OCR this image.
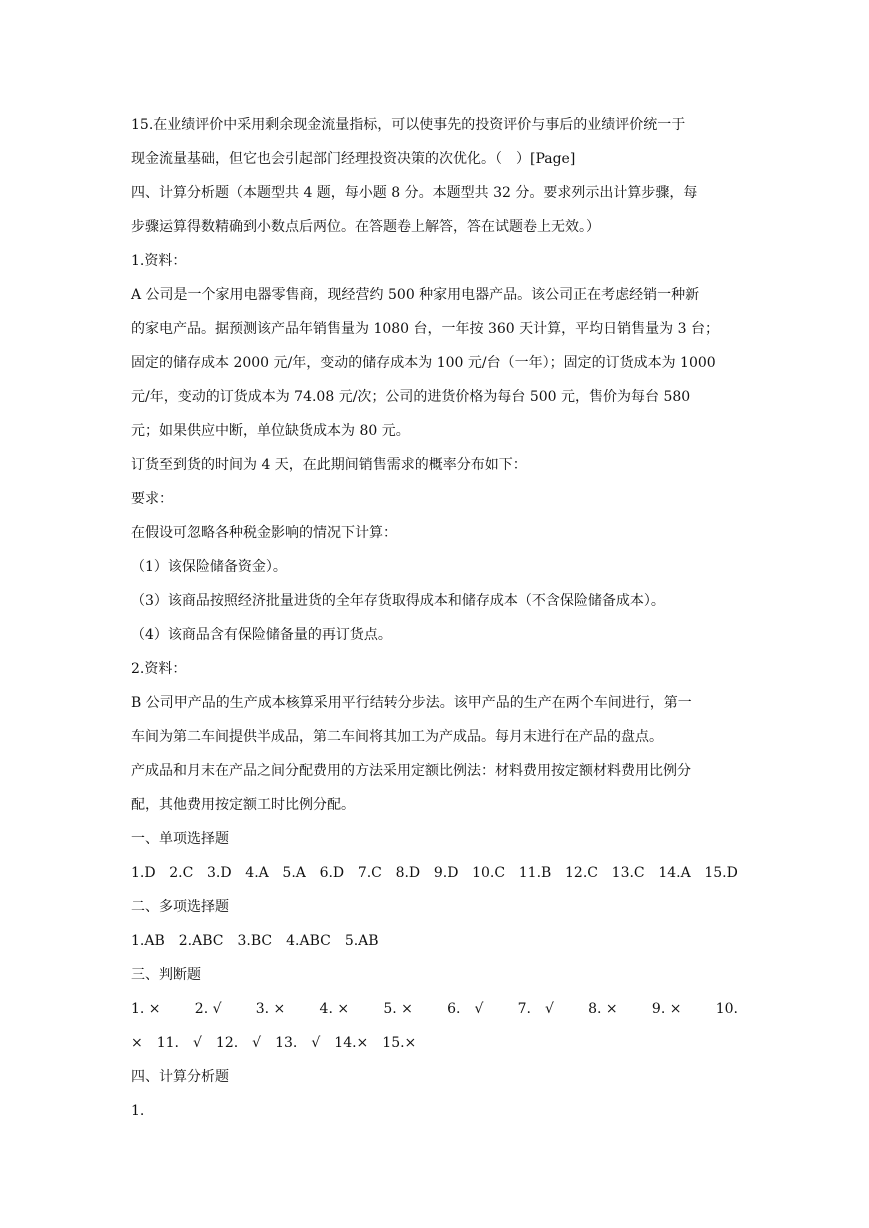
15.在业绩评价中采用剩余现金流量指标，可以使事先的投资评价与事后的业绩评价统一于
现金流量基础，但它也会引起部门经理投资决策的次优化。（　）[Page]
四、计算分析题（本题型共 4 题，每小题 8 分。本题型共 32 分。要求列示出计算步骤，每
步骤运算得数精确到小数点后两位。在答题卷上解答，答在试题卷上无效。）
1.资料：
A 公司是一个家用电器零售商，现经营约 500 种家用电器产品。该公司正在考虑经销一种新
的家电产品。据预测该产品年销售量为 1080 台，一年按 360 天计算，平均日销售量为 3 台；
固定的储存成本 2000 元/年，变动的储存成本为 100 元/台（一年）；固定的订货成本为 1000
元/年，变动的订货成本为 74.08 元/次；公司的进货价格为每台 500 元，售价为每台 580
元；如果供应中断，单位缺货成本为 80 元。
订货至到货的时间为 4 天，在此期间销售需求的概率分布如下：
要求：
在假设可忽略各种税金影响的情况下计算：
（1）该保险储备资金）。
（3）该商品按照经济批量进货的全年存货取得成本和储存成本（不含保险储备成本）。
（4）该商品含有保险储备量的再订货点。
2.资料：
B 公司甲产品的生产成本核算采用平行结转分步法。该甲产品的生产在两个车间进行，第一
车间为第二车间提供半成品，第二车间将其加工为产成品。每月末进行在产品的盘点。
产成品和月末在产品之间分配费用的方法采用定额比例法：材料费用按定额材料费用比例分
配，其他费用按定额工时比例分配。
一、单项选择题
1.D 2.C 3.D 4.A 5.A 6.D 7.C 8.D 9.D 10.C 11.B 12.C 13.C 14.A 15.D
二、多项选择题
1.AB　2.ABC　3.BC　4.ABC　5.AB
三、判断题
1. × 2. √ 3. × 4. × 5. × 6.　√ 7.　√ 8. × 9. × 10.
×　11.　√　12.　√　13.　√　14.×　15.×
四、计算分析题
1.
